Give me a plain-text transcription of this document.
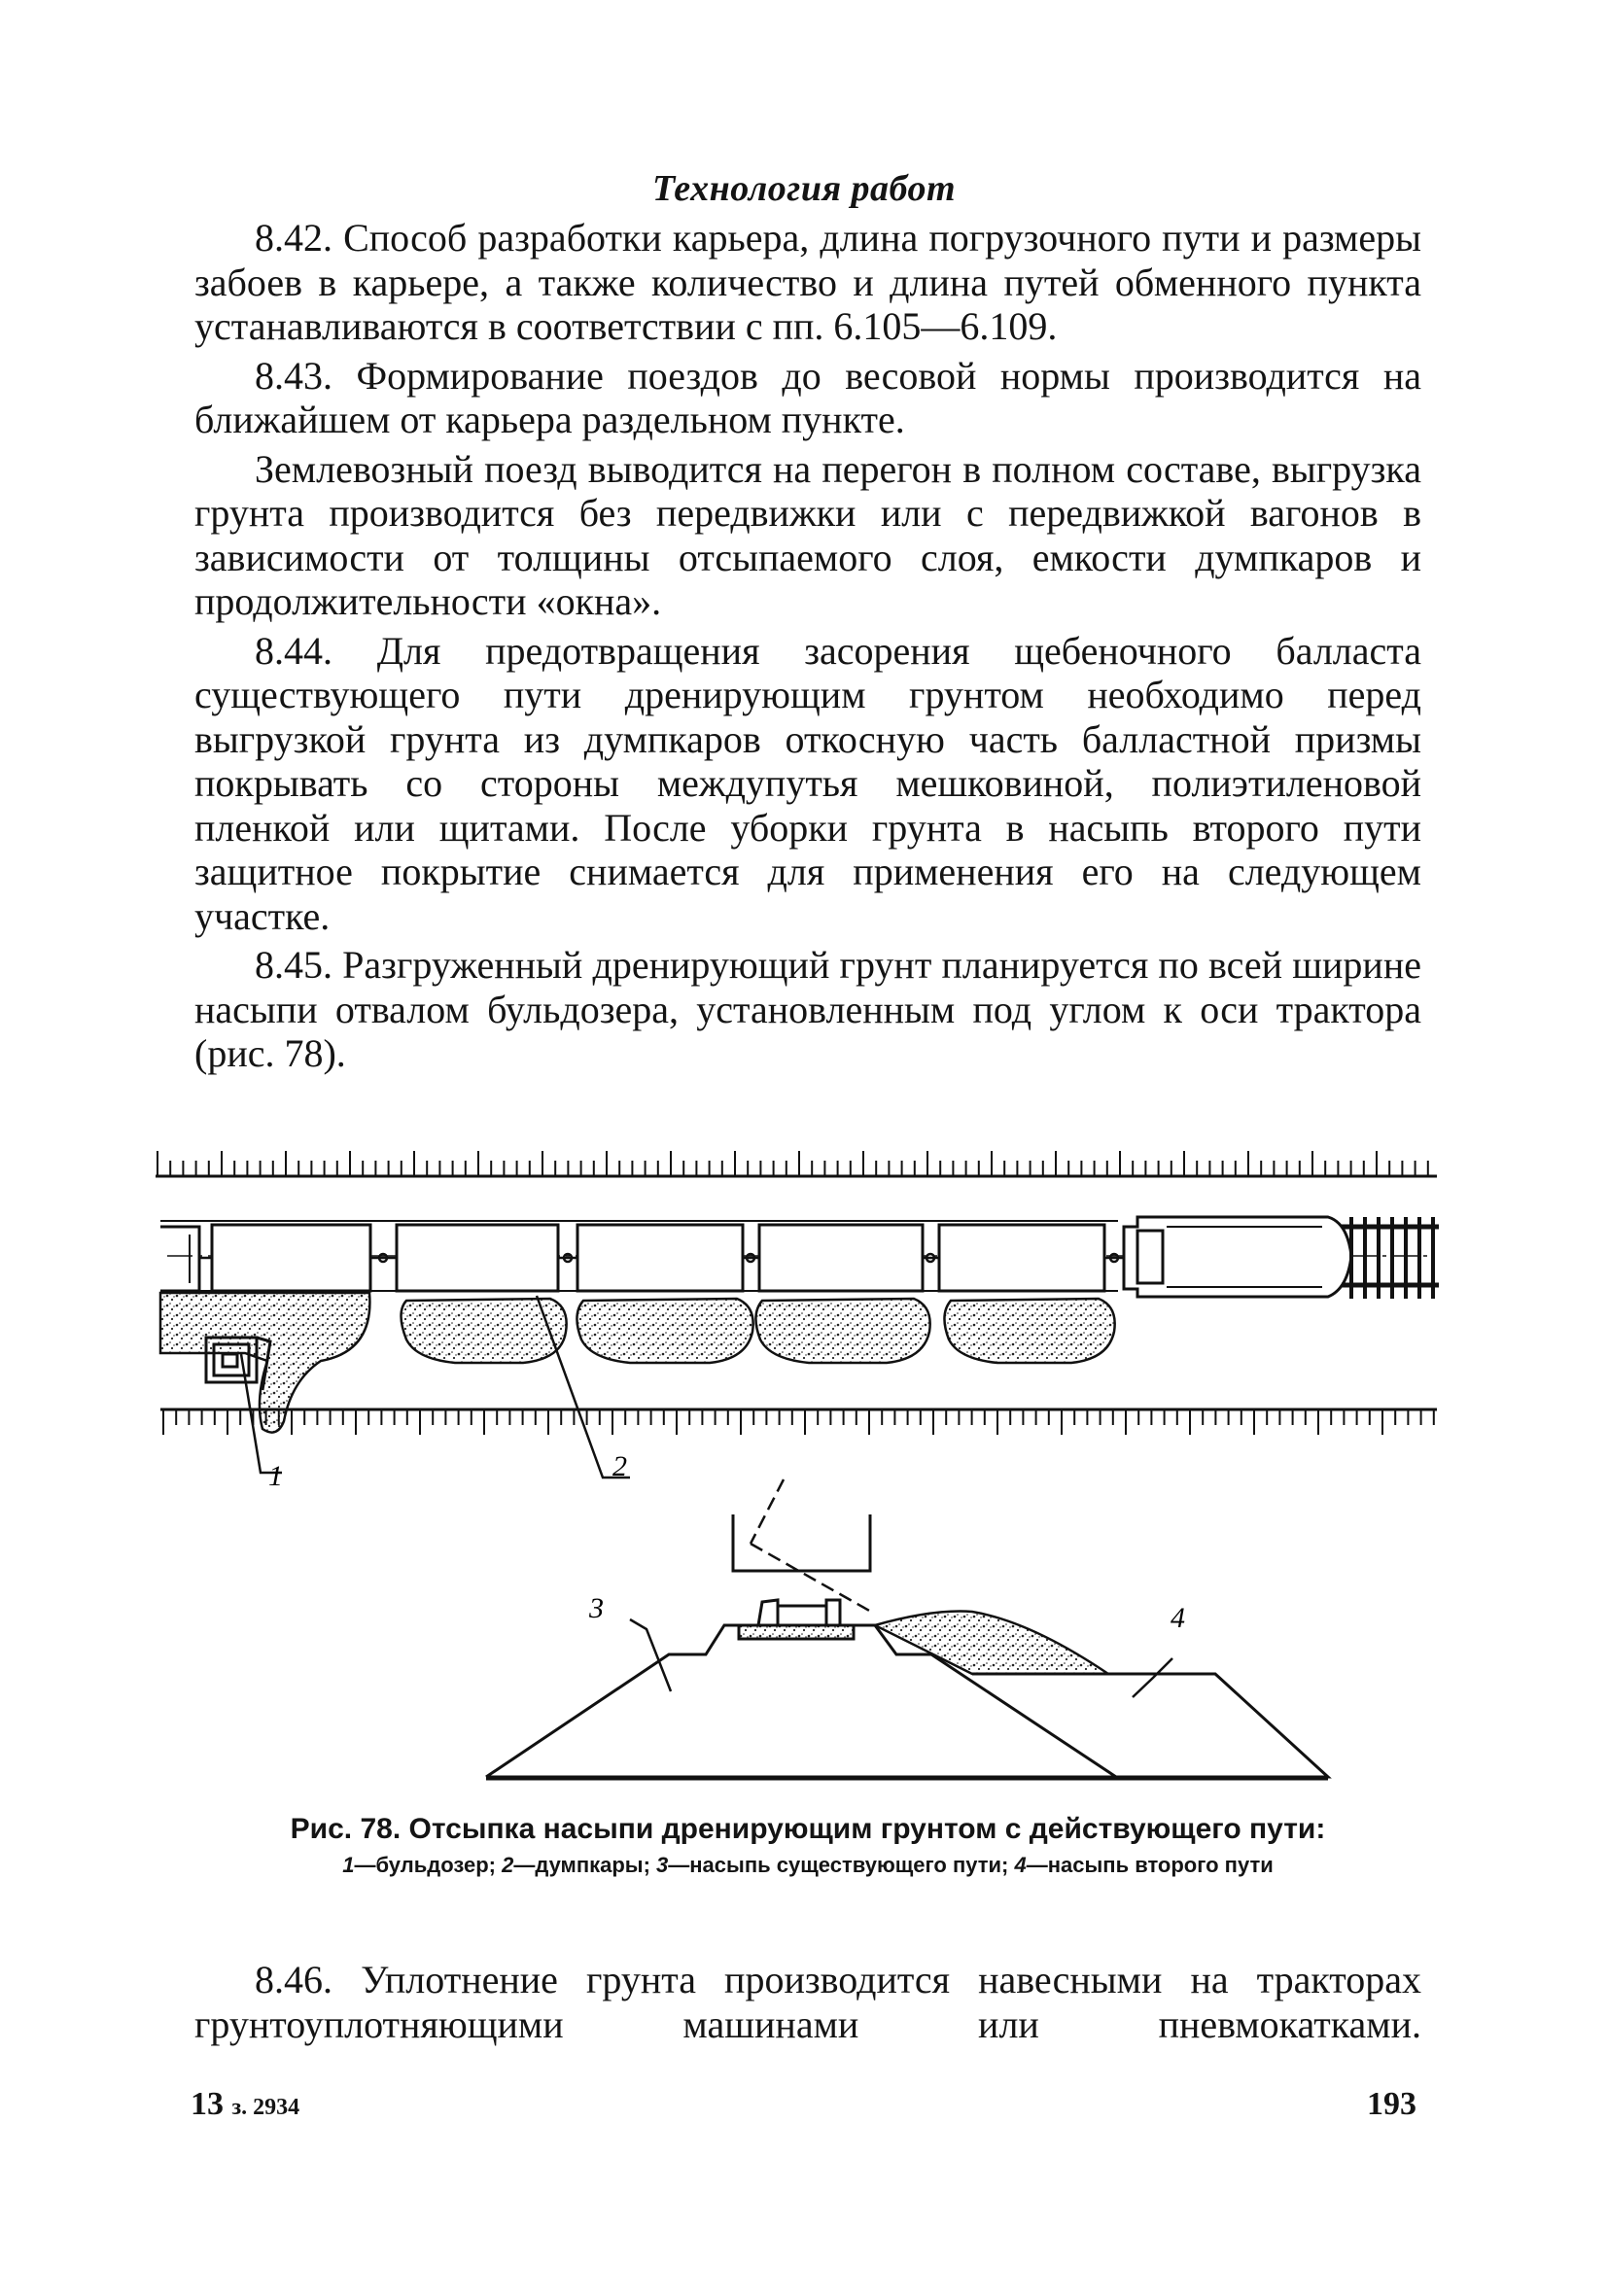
Технология работ

8.42. Способ разработки карьера, длина погрузочного пути и размеры забоев в карьере, а также количество и длина путей обменного пункта устанавливаются в соответствии с пп. 6.105—6.109.

8.43. Формирование поездов до весовой нормы производится на ближайшем от карьера раздельном пункте.

Землевозный поезд выводится на перегон в полном составе, выгрузка грунта производится без передвижки или с передвижкой вагонов в зависимости от толщины отсыпаемого слоя, емкости думпкаров и продолжительности «окна».

8.44. Для предотвращения засорения щебеночного балласта существующего пути дренирующим грунтом необходимо перед выгрузкой грунта из думпкаров откосную часть балластной призмы покрывать со стороны междупутья мешковиной, полиэтиленовой пленкой или щитами. После уборки грунта в насыпь второго пути защитное покрытие снимается для применения его на следующем участке.

8.45. Разгруженный дренирующий грунт планируется по всей ширине насыпи отвалом бульдозера, установленным под углом к оси трактора (рис. 78).

1	2
3	4
Рис. 78. Отсыпка насыпи дренирующим грунтом с действующего пути:
1—бульдозер; 2—думпкары; 3—насыпь существующего пути; 4—насыпь второго пути

8.46. Уплотнение грунта производится навесными на тракторах грунтоуплотняющими машинами или пневмокатками.

13 з. 2934	193
